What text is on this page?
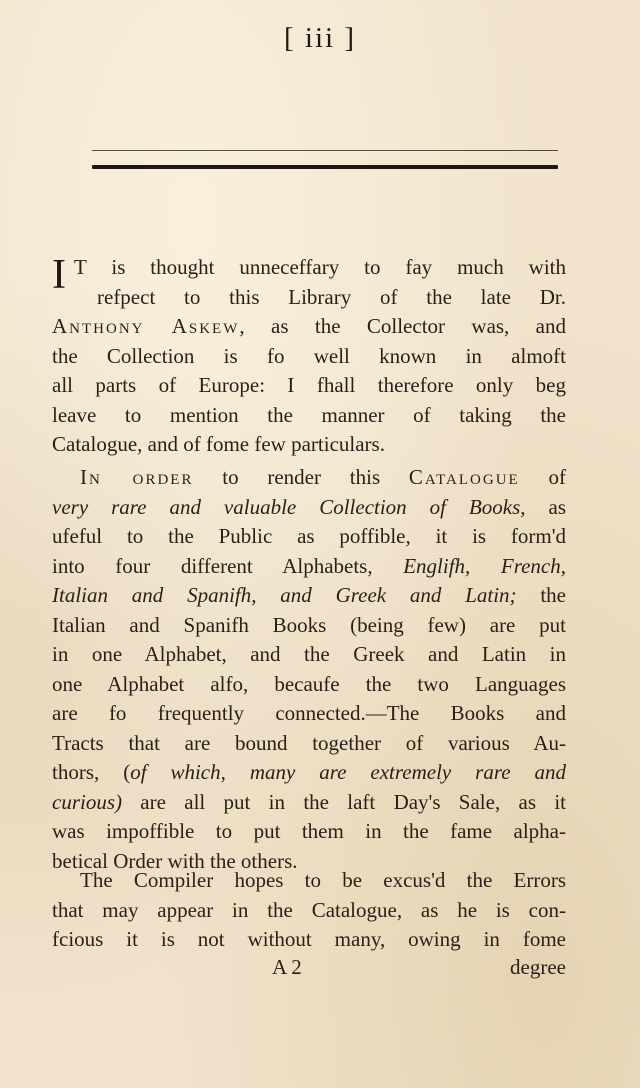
[ iii ]
I T is thought unneceffary to fay much with
refpect to this Library of the late Dr.
Anthony Askew, as the Collector was, and
the Collection is fo well known in almoft
all parts of Europe: I fhall therefore only beg
leave to mention the manner of taking the
Catalogue, and of fome few particulars.
In order to render this Catalogue of
very rare and valuable Collection of Books, as
ufeful to the Public as poffible, it is form'd
into four different Alphabets, Englifh, French,
Italian and Spanifh, and Greek and Latin; the
Italian and Spanifh Books (being few) are put
in one Alphabet, and the Greek and Latin in
one Alphabet alfo, becaufe the two Languages
are fo frequently connected.—The Books and
Tracts that are bound together of various Au-
thors, (of which, many are extremely rare and
curious) are all put in the laft Day's Sale, as it
was impoffible to put them in the fame alpha-
betical Order with the others.
The Compiler hopes to be excus'd the Errors
that may appear in the Catalogue, as he is con-
fcious it is not without many, owing in fome
A 2	degree
